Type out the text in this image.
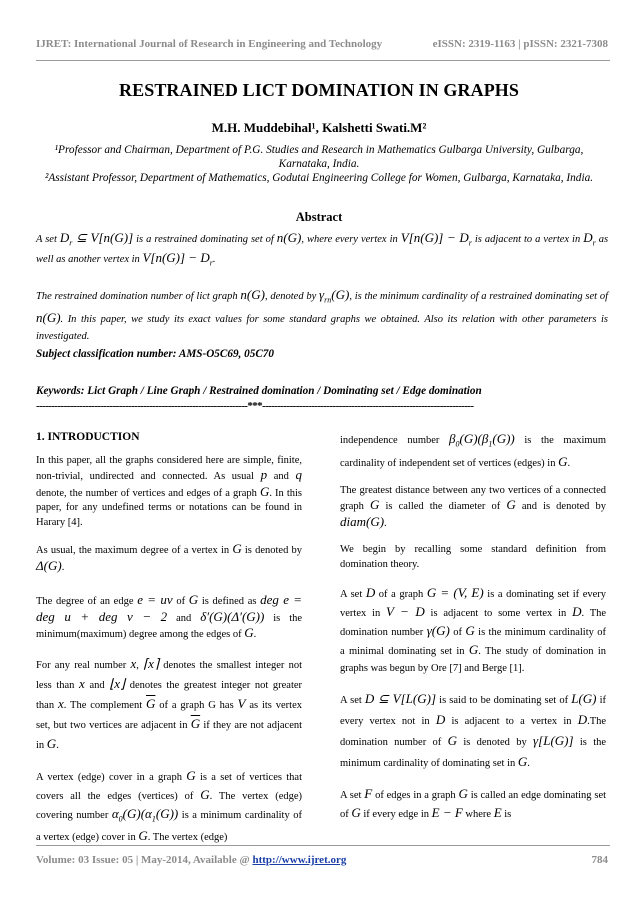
IJRET: International Journal of Research in Engineering and Technology	eISSN: 2319-1163 | pISSN: 2321-7308
RESTRAINED LICT DOMINATION IN GRAPHS
M.H. Muddebihal¹, Kalshetti Swati.M²
¹Professor and Chairman, Department of P.G. Studies and Research in Mathematics Gulbarga University, Gulbarga, Karnataka, India.
²Assistant Professor, Department of Mathematics, Godutai Engineering College for Women, Gulbarga, Karnataka, India.
Abstract
A set $D_r$ ⊆ V[n(G)] is a restrained dominating set of n(G), where every vertex in $V[n(G)] - D_r$ is adjacent to a vertex in $D_r$ as well as another vertex in $V[n(G)] - D_r$.
The restrained domination number of lict graph n(G), denoted by $\gamma_{rn}(G)$, is the minimum cardinality of a restrained dominating set of n(G). In this paper, we study its exact values for some standard graphs we obtained. Also its relation with other parameters is investigated.
Subject classification number: AMS-O5C69, 05C70
Keywords: Lict Graph / Line Graph / Restrained domination / Dominating set / Edge domination
---------------------------------------------------------------------***---------------------------------------------------------------------

1. INTRODUCTION

In this paper, all the graphs considered here are simple, finite, non-trivial, undirected and connected. As usual p and q denote, the number of vertices and edges of a graph G. In this paper, for any undefined terms or notations can be found in Harary [4].

As usual, the maximum degree of a vertex in G is denoted by Δ(G).

The degree of an edge e = uv of G is defined as deg e = deg u + deg v − 2 and δ′(G)(Δ′(G)) is the minimum(maximum) degree among the edges of G.

For any real number x, ⌈x⌉ denotes the smallest integer not less than x and ⌊x⌋ denotes the greatest integer not greater than x. The complement $\overline{G}$ of a graph G has V as its vertex set, but two vertices are adjacent in $\overline{G}$ if they are not adjacent in G.

A vertex (edge) cover in a graph G is a set of vertices that covers all the edges (vertices) of G. The vertex (edge) covering number $\alpha_0(G)(\alpha_1(G))$ is a minimum cardinality of a vertex (edge) cover in G. The vertex (edge)

independence number $\beta_0(G)(\beta_1(G))$ is the maximum cardinality of independent set of vertices (edges) in G.

The greatest distance between any two vertices of a connected graph G is called the diameter of G and is denoted by diam(G).

We begin by recalling some standard definition from domination theory.

A set D of a graph G = (V, E) is a dominating set if every vertex in V − D is adjacent to some vertex in D. The domination number γ(G) of G is the minimum cardinality of a minimal dominating set in G. The study of domination in graphs was begun by Ore [7] and Berge [1].

A set D ⊆ V[L(G)] is said to be dominating set of L(G) if every vertex not in D is adjacent to a vertex in D.The domination number of G is denoted by γ[L(G)] is the minimum cardinality of dominating set in G.

A set F of edges in a graph G is called an edge dominating set of G if every edge in E − F where E is

Volume: 03 Issue: 05 | May-2014, Available @ http://www.ijret.org	784
